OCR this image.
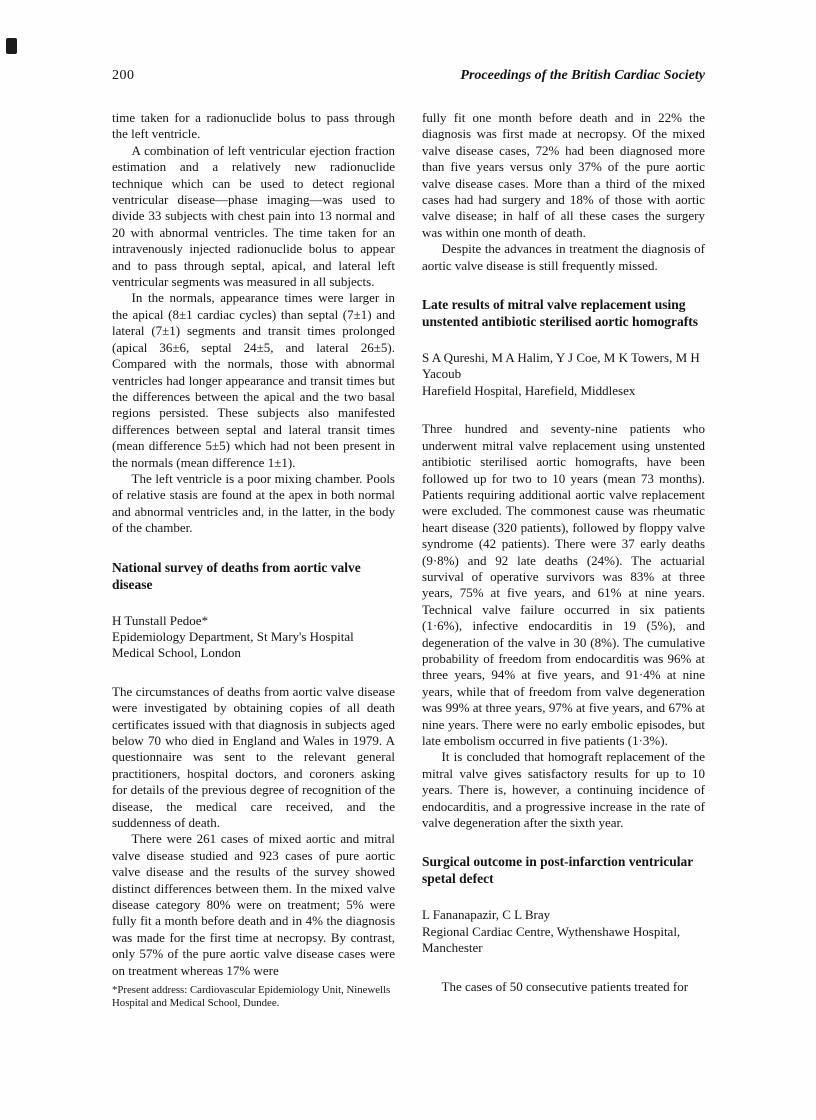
200	Proceedings of the British Cardiac Society

time taken for a radionuclide bolus to pass through the left ventricle.

A combination of left ventricular ejection fraction estimation and a relatively new radionuclide technique which can be used to detect regional ventricular disease—phase imaging—was used to divide 33 subjects with chest pain into 13 normal and 20 with abnormal ventricles. The time taken for an intravenously injected radionuclide bolus to appear and to pass through septal, apical, and lateral left ventricular segments was measured in all subjects.

In the normals, appearance times were larger in the apical (8±1 cardiac cycles) than septal (7±1) and lateral (7±1) segments and transit times prolonged (apical 36±6, septal 24±5, and lateral 26±5). Compared with the normals, those with abnormal ventricles had longer appearance and transit times but the differences between the apical and the two basal regions persisted. These subjects also manifested differences between septal and lateral transit times (mean difference 5±5) which had not been present in the normals (mean difference 1±1).

The left ventricle is a poor mixing chamber. Pools of relative stasis are found at the apex in both normal and abnormal ventricles and, in the latter, in the body of the chamber.

National survey of deaths from aortic valve disease

H Tunstall Pedoe*

Epidemiology Department, St Mary's Hospital Medical School, London

The circumstances of deaths from aortic valve disease were investigated by obtaining copies of all death certificates issued with that diagnosis in subjects aged below 70 who died in England and Wales in 1979. A questionnaire was sent to the relevant general practitioners, hospital doctors, and coroners asking for details of the previous degree of recognition of the disease, the medical care received, and the suddenness of death.

There were 261 cases of mixed aortic and mitral valve disease studied and 923 cases of pure aortic valve disease and the results of the survey showed distinct differences between them. In the mixed valve disease category 80% were on treatment; 5% were fully fit a month before death and in 4% the diagnosis was made for the first time at necropsy. By contrast, only 57% of the pure aortic valve disease cases were on treatment whereas 17% were

*Present address: Cardiovascular Epidemiology Unit, Ninewells Hospital and Medical School, Dundee.

fully fit one month before death and in 22% the diagnosis was first made at necropsy. Of the mixed valve disease cases, 72% had been diagnosed more than five years versus only 37% of the pure aortic valve disease cases. More than a third of the mixed cases had had surgery and 18% of those with aortic valve disease; in half of all these cases the surgery was within one month of death.

Despite the advances in treatment the diagnosis of aortic valve disease is still frequently missed.

Late results of mitral valve replacement using unstented antibiotic sterilised aortic homografts

S A Qureshi, M A Halim, Y J Coe, M K Towers, M H Yacoub

Harefield Hospital, Harefield, Middlesex

Three hundred and seventy-nine patients who underwent mitral valve replacement using unstented antibiotic sterilised aortic homografts, have been followed up for two to 10 years (mean 73 months). Patients requiring additional aortic valve replacement were excluded. The commonest cause was rheumatic heart disease (320 patients), followed by floppy valve syndrome (42 patients). There were 37 early deaths (9·8%) and 92 late deaths (24%). The actuarial survival of operative survivors was 83% at three years, 75% at five years, and 61% at nine years. Technical valve failure occurred in six patients (1·6%), infective endocarditis in 19 (5%), and degeneration of the valve in 30 (8%). The cumulative probability of freedom from endocarditis was 96% at three years, 94% at five years, and 91·4% at nine years, while that of freedom from valve degeneration was 99% at three years, 97% at five years, and 67% at nine years. There were no early embolic episodes, but late embolism occurred in five patients (1·3%).

It is concluded that homograft replacement of the mitral valve gives satisfactory results for up to 10 years. There is, however, a continuing incidence of endocarditis, and a progressive increase in the rate of valve degeneration after the sixth year.

Surgical outcome in post-infarction ventricular spetal defect

L Fananapazir, C L Bray

Regional Cardiac Centre, Wythenshawe Hospital, Manchester

The cases of 50 consecutive patients treated for
